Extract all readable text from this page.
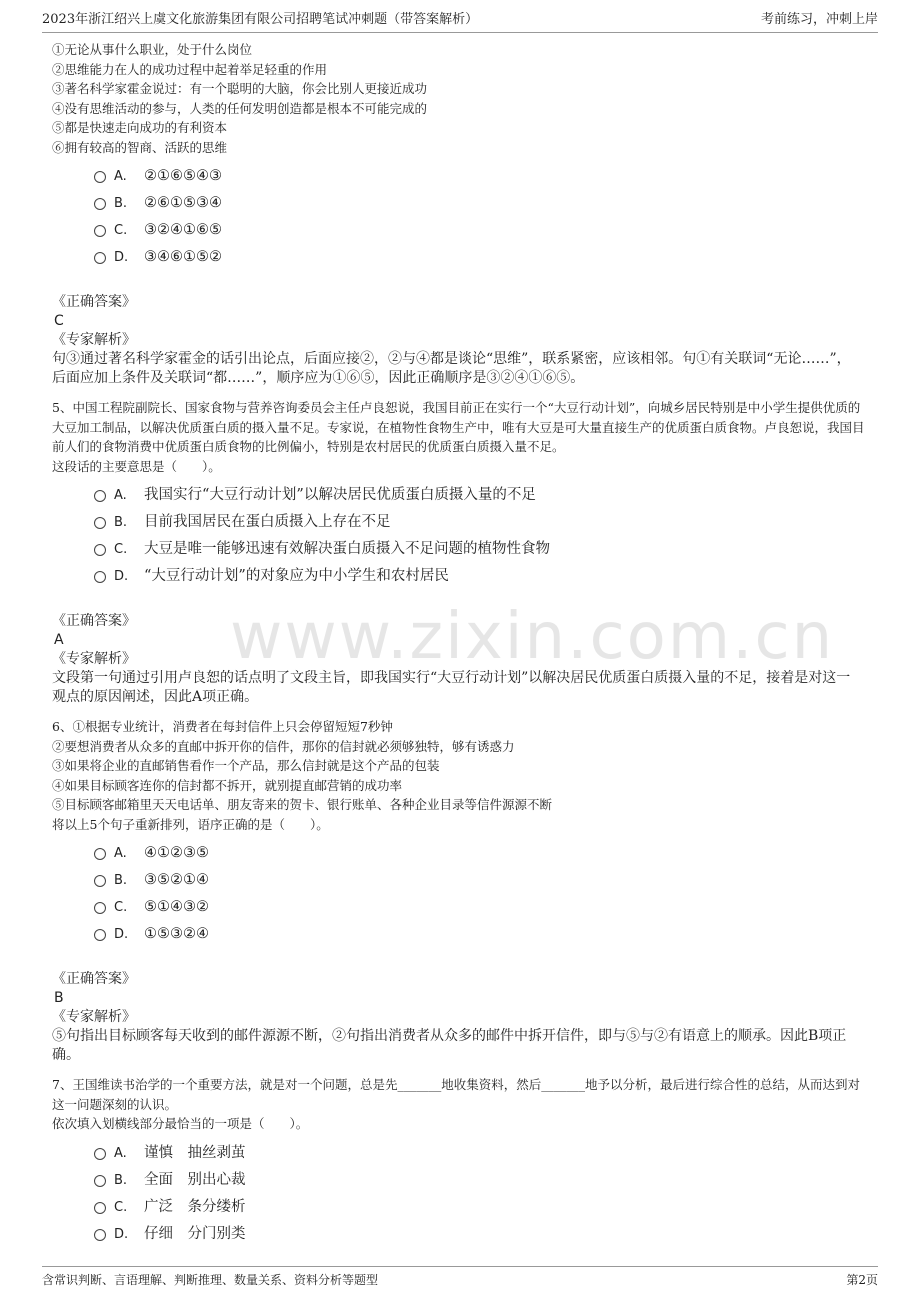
2023年浙江绍兴上虞文化旅游集团有限公司招聘笔试冲刺题（带答案解析）	考前练习，冲刺上岸
www.zixin.com.cn
①无论从事什么职业，处于什么岗位
②思维能力在人的成功过程中起着举足轻重的作用
③著名科学家霍金说过：有一个聪明的大脑，你会比别人更接近成功
④没有思维活动的参与，人类的任何发明创造都是根本不可能完成的
⑤都是快速走向成功的有利资本
⑥拥有较高的智商、活跃的思维
A. ②①⑥⑤④③
B. ②⑥①⑤③④
C. ③②④①⑥⑤
D. ③④⑥①⑤②
《正确答案》
C
《专家解析》
句③通过著名科学家霍金的话引出论点，后面应接②，②与④都是谈论“思维”，联系紧密，应该相邻。句①有关联词“无论……”，后面应加上条件及关联词“都……”，顺序应为①⑥⑤，因此正确顺序是③②④①⑥⑤。
5、中国工程院副院长、国家食物与营养咨询委员会主任卢良恕说，我国目前正在实行一个“大豆行动计划”，向城乡居民特别是中小学生提供优质的大豆加工制品，以解决优质蛋白质的摄入量不足。专家说，在植物性食物生产中，唯有大豆是可大量直接生产的优质蛋白质食物。卢良恕说，我国目前人们的食物消费中优质蛋白质食物的比例偏小，特别是农村居民的优质蛋白质摄入量不足。
这段话的主要意思是（　　）。
A. 我国实行“大豆行动计划”以解决居民优质蛋白质摄入量的不足
B. 目前我国居民在蛋白质摄入上存在不足
C. 大豆是唯一能够迅速有效解决蛋白质摄入不足问题的植物性食物
D. “大豆行动计划”的对象应为中小学生和农村居民
《正确答案》
A
《专家解析》
文段第一句通过引用卢良恕的话点明了文段主旨，即我国实行“大豆行动计划”以解决居民优质蛋白质摄入量的不足，接着是对这一观点的原因阐述，因此A项正确。
6、①根据专业统计，消费者在每封信件上只会停留短短7秒钟
②要想消费者从众多的直邮中拆开你的信件，那你的信封就必须够独特，够有诱惑力
③如果将企业的直邮销售看作一个产品，那么信封就是这个产品的包装
④如果目标顾客连你的信封都不拆开，就别提直邮营销的成功率
⑤目标顾客邮箱里天天电话单、朋友寄来的贺卡、银行账单、各种企业目录等信件源源不断
将以上5个句子重新排列，语序正确的是（　　）。
A. ④①②③⑤
B. ③⑤②①④
C. ⑤①④③②
D. ①⑤③②④
《正确答案》
B
《专家解析》
⑤句指出目标顾客每天收到的邮件源源不断，②句指出消费者从众多的邮件中拆开信件，即与⑤与②有语意上的顺承。因此B项正确。
7、王国维读书治学的一个重要方法，就是对一个问题，总是先_______地收集资料，然后_______地予以分析，最后进行综合性的总结，从而达到对这一问题深刻的认识。
依次填入划横线部分最恰当的一项是（　　）。
A. 谨慎　抽丝剥茧
B. 全面　别出心裁
C. 广泛　条分缕析
D. 仔细　分门别类
含常识判断、言语理解、判断推理、数量关系、资料分析等题型	第2页
